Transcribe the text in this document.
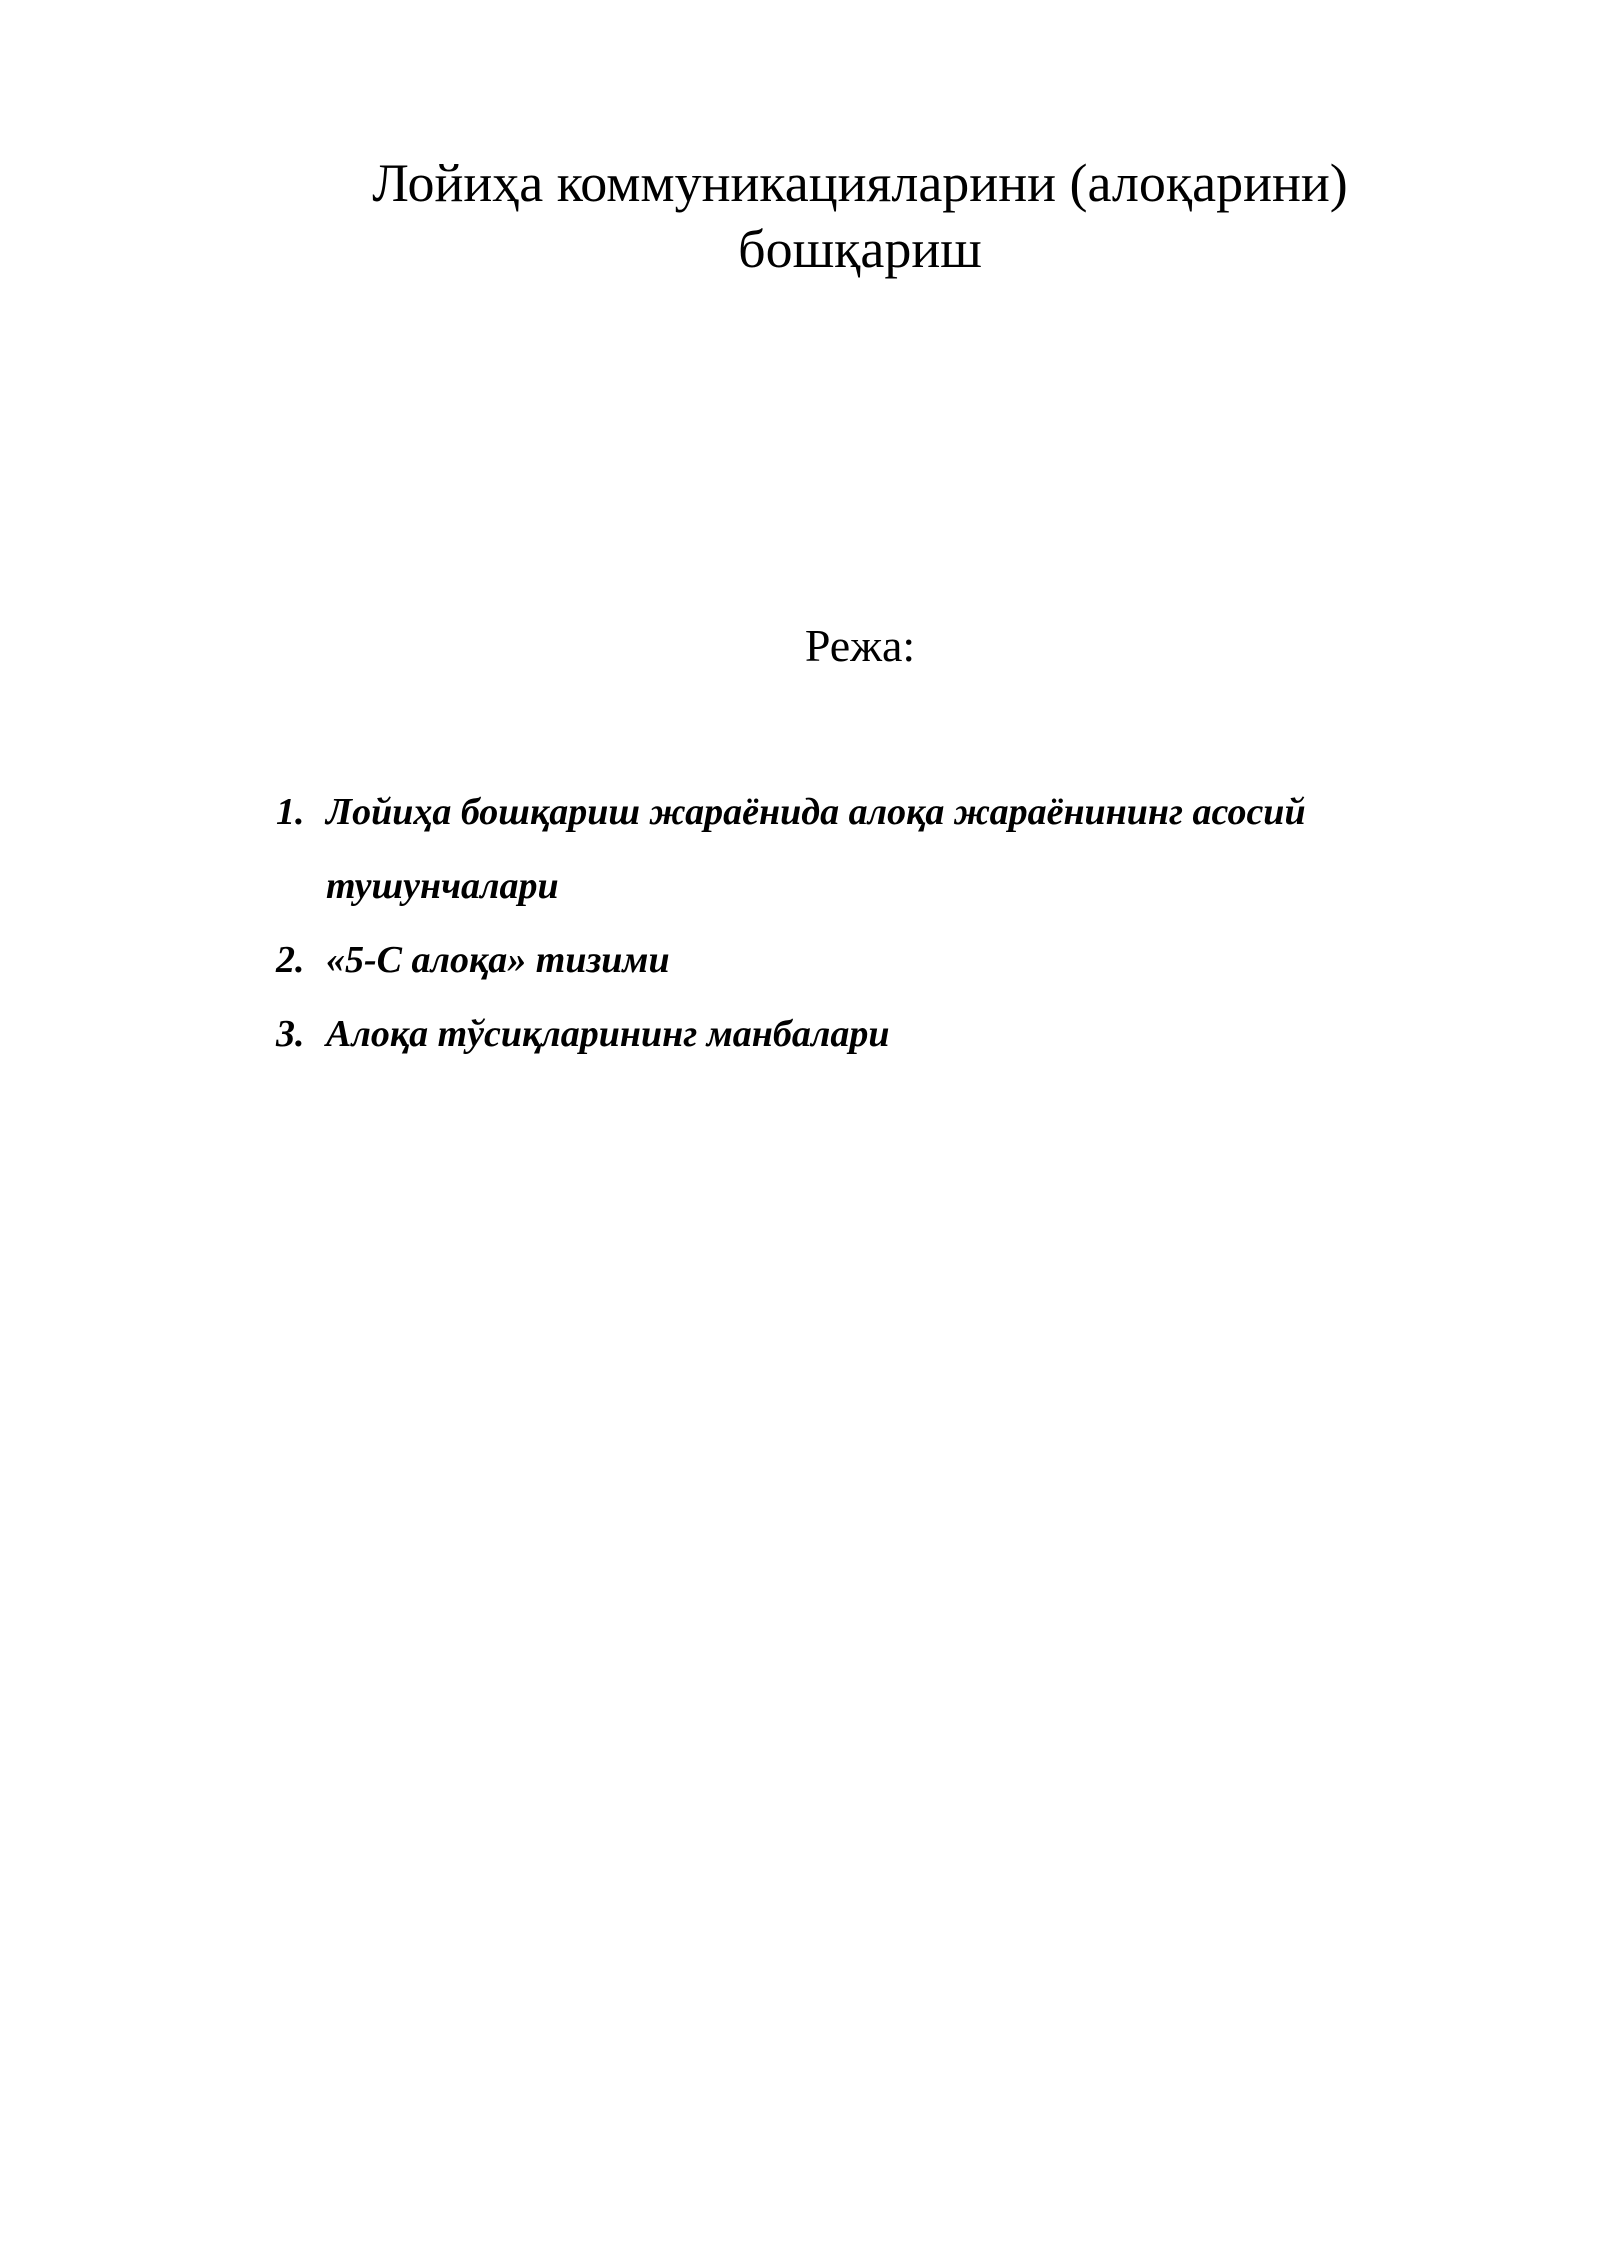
Лойиҳа коммуникацияларини (алоқарини)
бошқариш

Режа:

1. Лойиҳа бошқариш жараёнида алоқа жараёнининг асосий тушунчалари
2. «5-С алоқа» тизими
3. Алоқа тўсиқларининг манбалари
